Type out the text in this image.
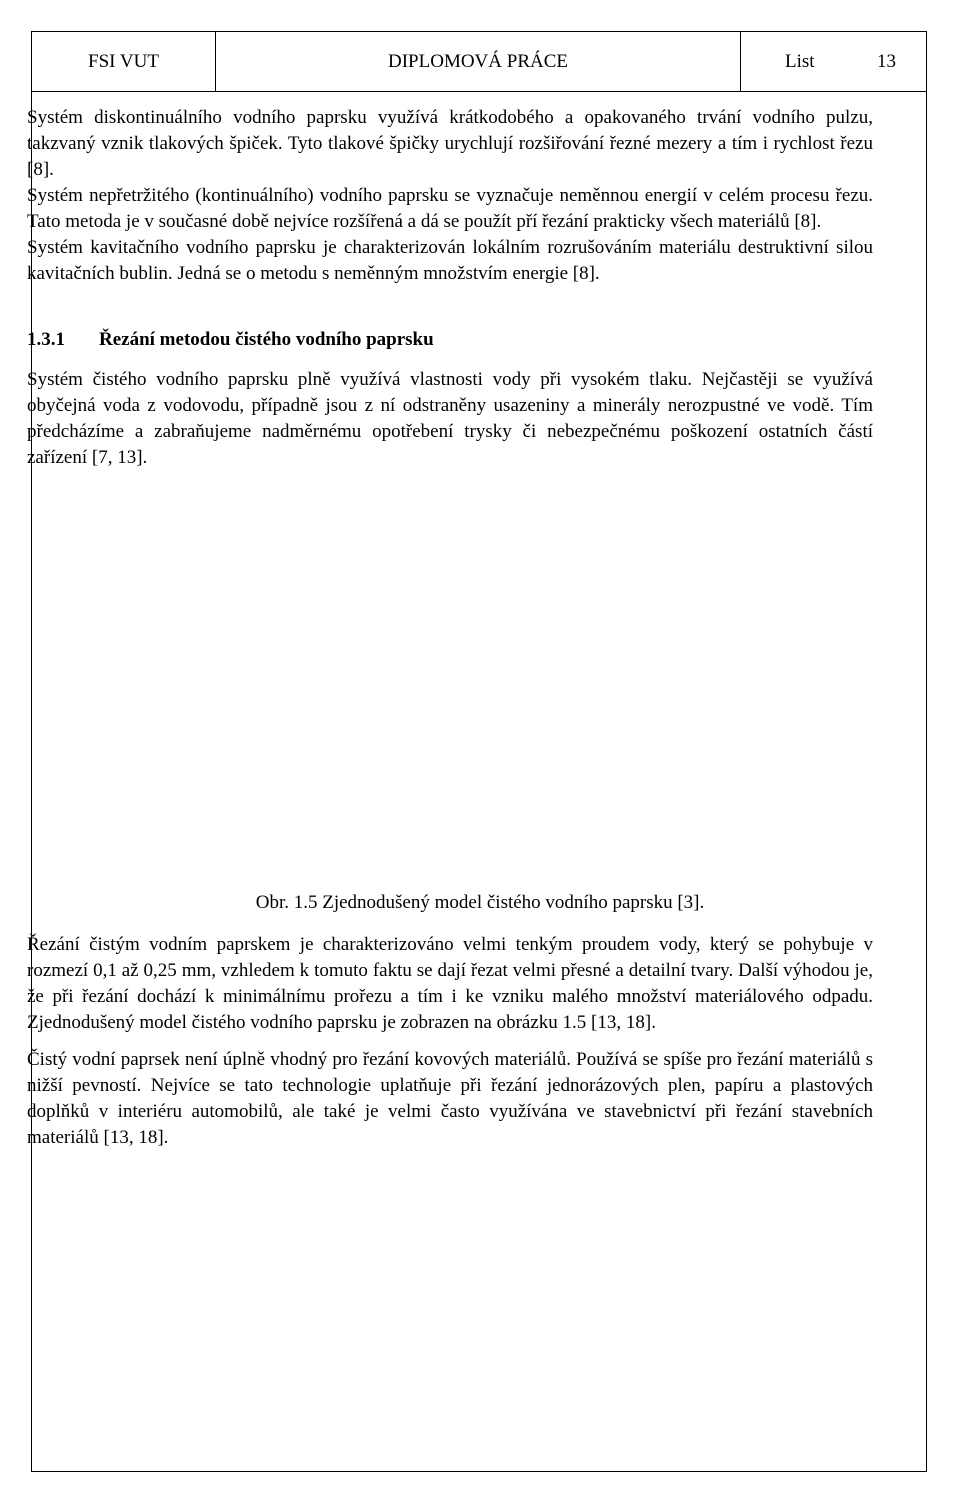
FSI VUT	DIPLOMOVÁ PRÁCE	List	13

Systém diskontinuálního vodního paprsku využívá krátkodobého a opakovaného trvání vodního pulzu, takzvaný vznik tlakových špiček. Tyto tlakové špičky urychlují rozšiřování řezné mezery a tím i rychlost řezu [8].

Systém nepřetržitého (kontinuálního) vodního paprsku se vyznačuje neměnnou energií v celém procesu řezu. Tato metoda je v současné době nejvíce rozšířená a dá se použít pří řezání prakticky všech materiálů [8].

Systém kavitačního vodního paprsku je charakterizován lokálním rozrušováním materiálu destruktivní silou kavitačních bublin. Jedná se o metodu s neměnným množstvím energie [8].

1.3.1	Řezání metodou čistého vodního paprsku

Systém čistého vodního paprsku plně využívá vlastnosti vody při vysokém tlaku. Nejčastěji se využívá obyčejná voda z vodovodu, případně jsou z ní odstraněny usazeniny a minerály nerozpustné ve vodě. Tím předcházíme a zabraňujeme nadměrnému opotřebení trysky či nebezpečnému poškození ostatních částí zařízení [7, 13].

Obr. 1.5 Zjednodušený model čistého vodního paprsku [3].

Řezání čistým vodním paprskem je charakterizováno velmi tenkým proudem vody, který se pohybuje v rozmezí 0,1 až 0,25 mm, vzhledem k tomuto faktu se dají řezat velmi přesné a detailní tvary. Další výhodou je, že při řezání dochází k minimálnímu prořezu a tím i ke vzniku malého množství materiálového odpadu. Zjednodušený model čistého vodního paprsku je zobrazen na obrázku 1.5 [13, 18].

Čistý vodní paprsek není úplně vhodný pro řezání kovových materiálů. Používá se spíše pro řezání materiálů s nižší pevností. Nejvíce se tato technologie uplatňuje při řezání jednorázových plen, papíru a plastových doplňků v interiéru automobilů, ale také je velmi často využívána ve stavebnictví při řezání stavebních materiálů [13, 18].
